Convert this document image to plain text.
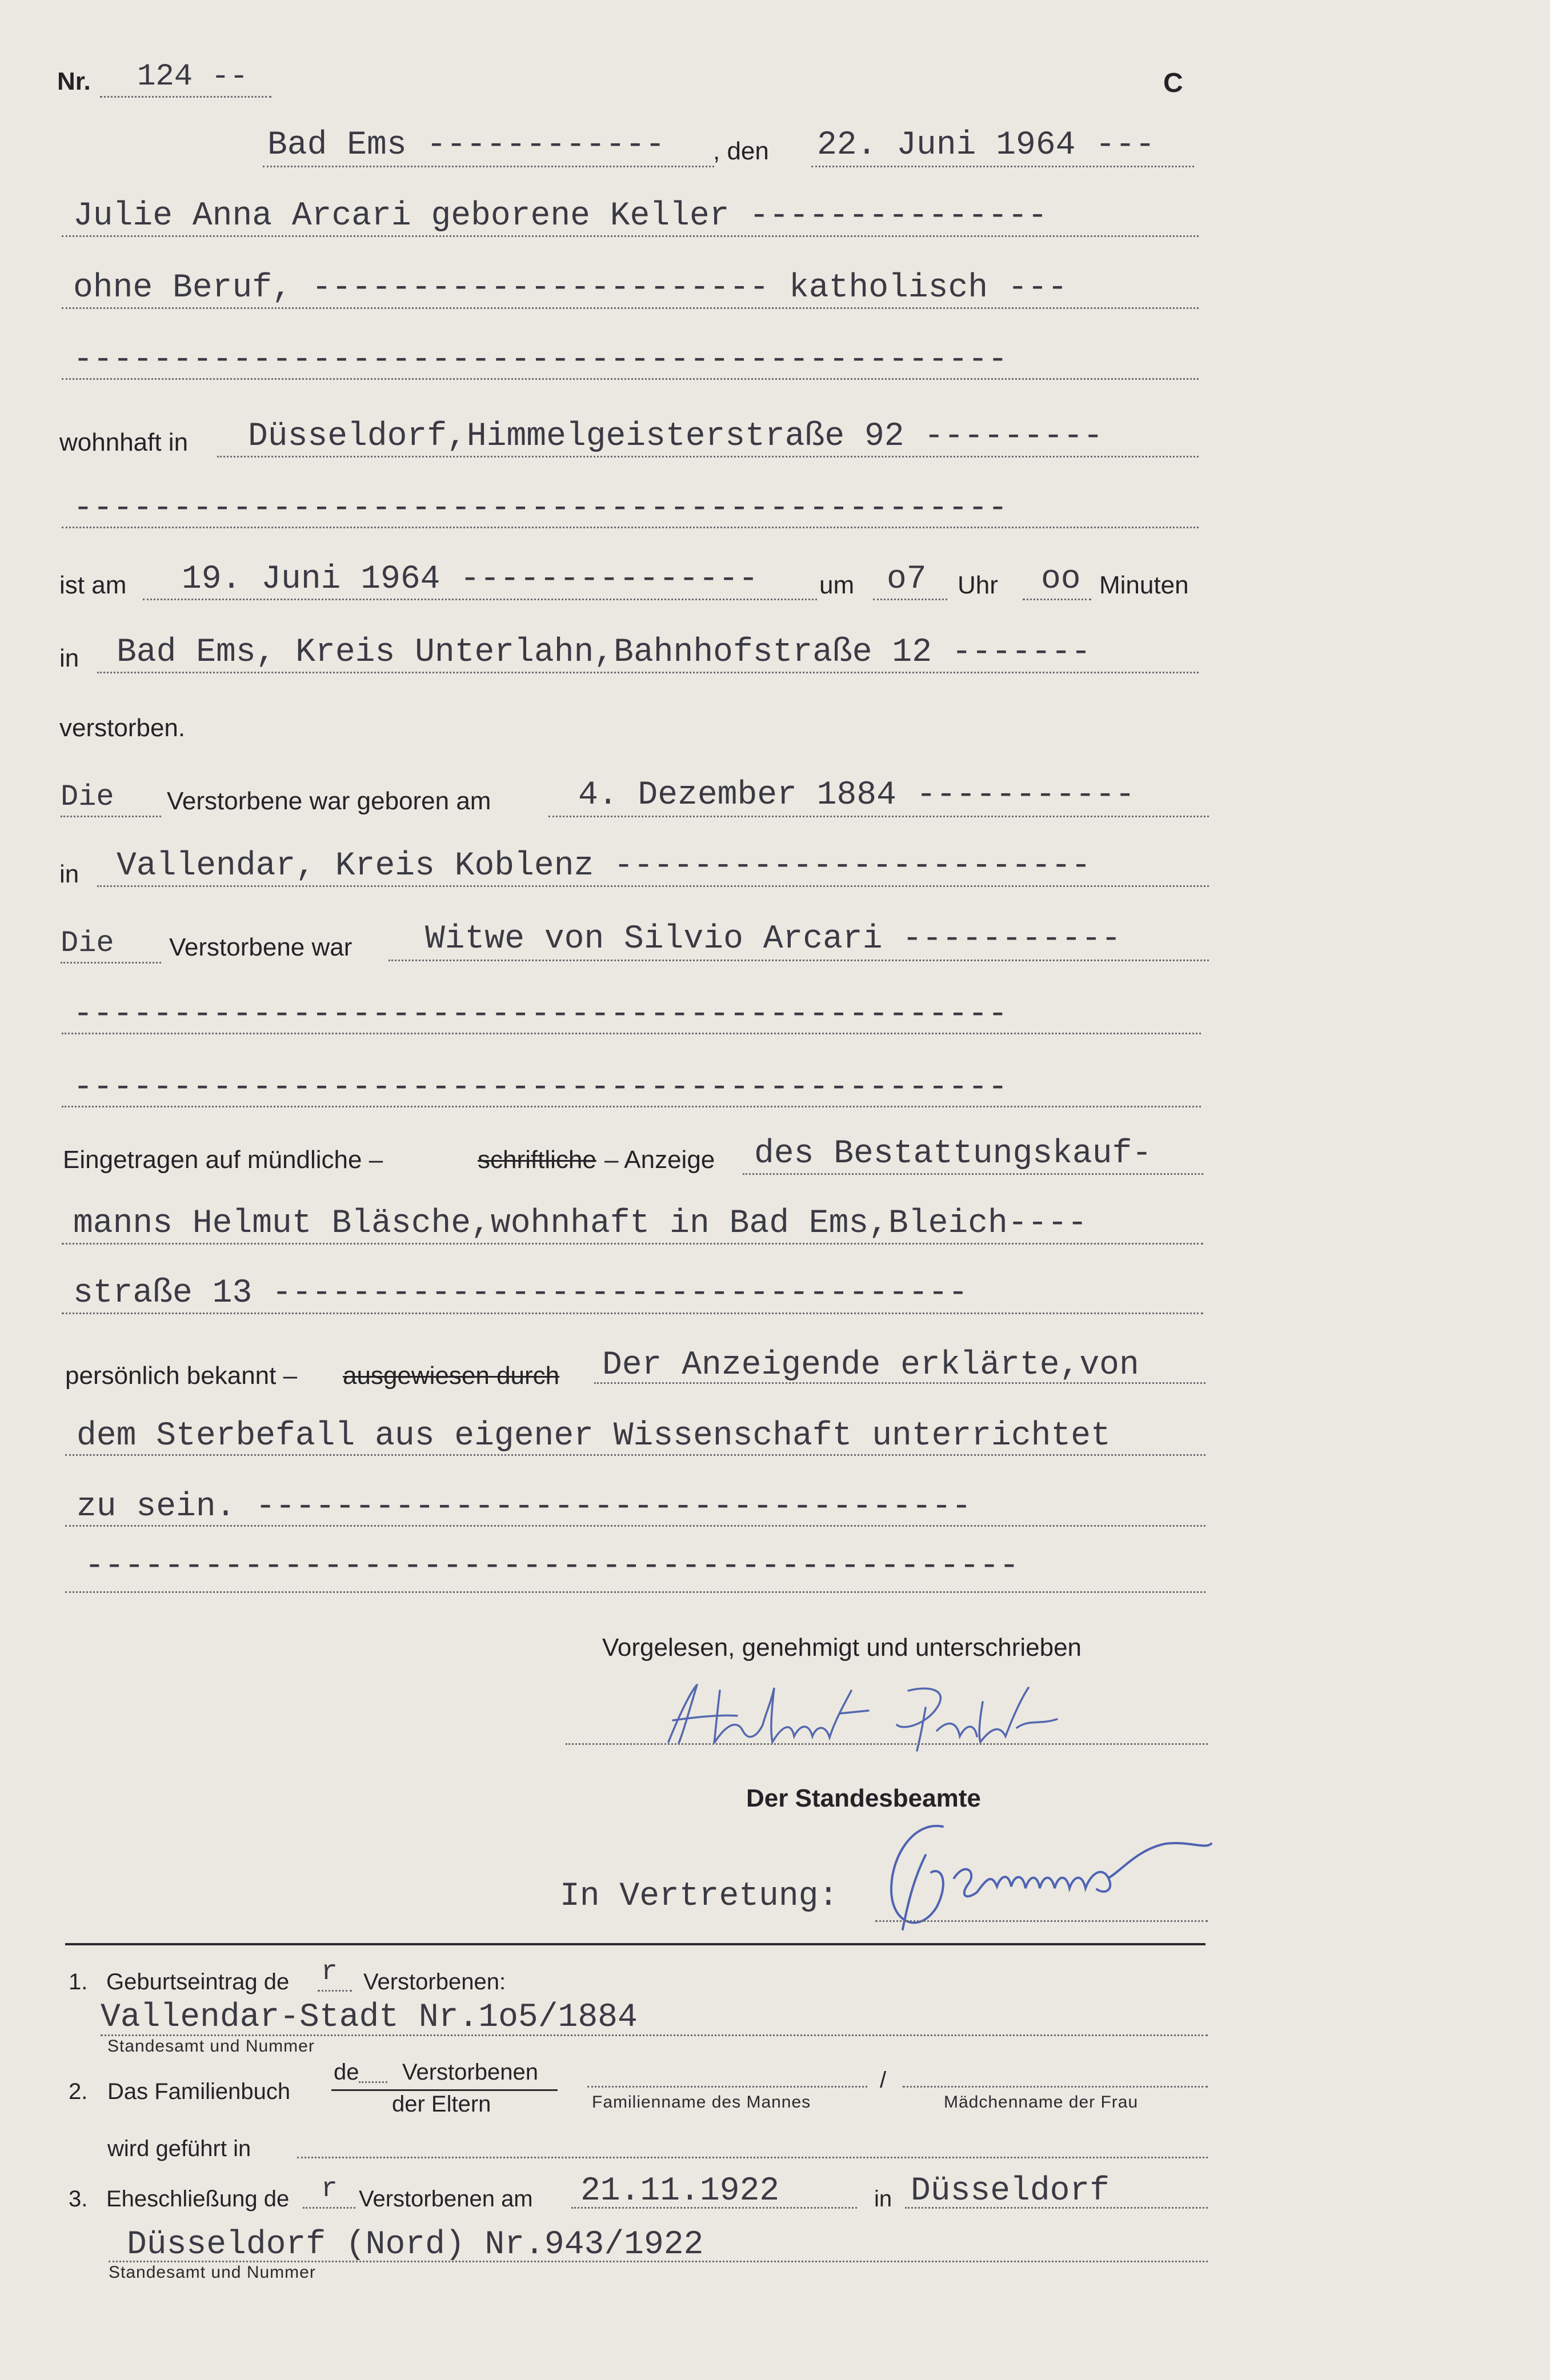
Nr. 124 --	C
Bad Ems ------------ , den 22. Juni 1964 ---
Julie Anna Arcari geborene Keller ---------------
ohne Beruf, ----------------------- katholisch ---
-----------------------------------------------
wohnhaft in Düsseldorf,Himmelgeisterstraße 92 ---------
-----------------------------------------------
ist am 19. Juni 1964 --------------- um o7 Uhr oo Minuten
in Bad Ems, Kreis Unterlahn,Bahnhofstraße 12 -------
verstorben.
Die Verstorbene war geboren am	4. Dezember 1884 -----------
in Vallendar, Kreis Koblenz ------------------------
Die Verstorbene war Witwe von Silvio Arcari -----------
-----------------------------------------------
-----------------------------------------------
Eingetragen auf mündliche –	schriftliche – Anzeige des Bestattungskauf-
manns Helmut Bläsche,wohnhaft in Bad Ems,Bleich----
straße 13 -----------------------------------
persönlich bekannt – ausgewiesen durch Der Anzeigende erklärte,von
dem Sterbefall aus eigener Wissenschaft unterrichtet
zu sein. ------------------------------------
-----------------------------------------------
Vorgelesen, genehmigt und unterschrieben
Der Standesbeamte
In Vertretung:
1. Geburtseintrag de r Verstorbenen:
Vallendar-Stadt Nr.1o5/1884
Standesamt und Nummer
2. Das Familienbuch
de Verstorbenen
der Eltern	Familienname des Mannes
/
Mädchenname der Frau
wird geführt in
3. Eheschließung de r Verstorbenen am 21.11.1922	in Düsseldorf
Düsseldorf (Nord) Nr.943/1922
Standesamt und Nummer
